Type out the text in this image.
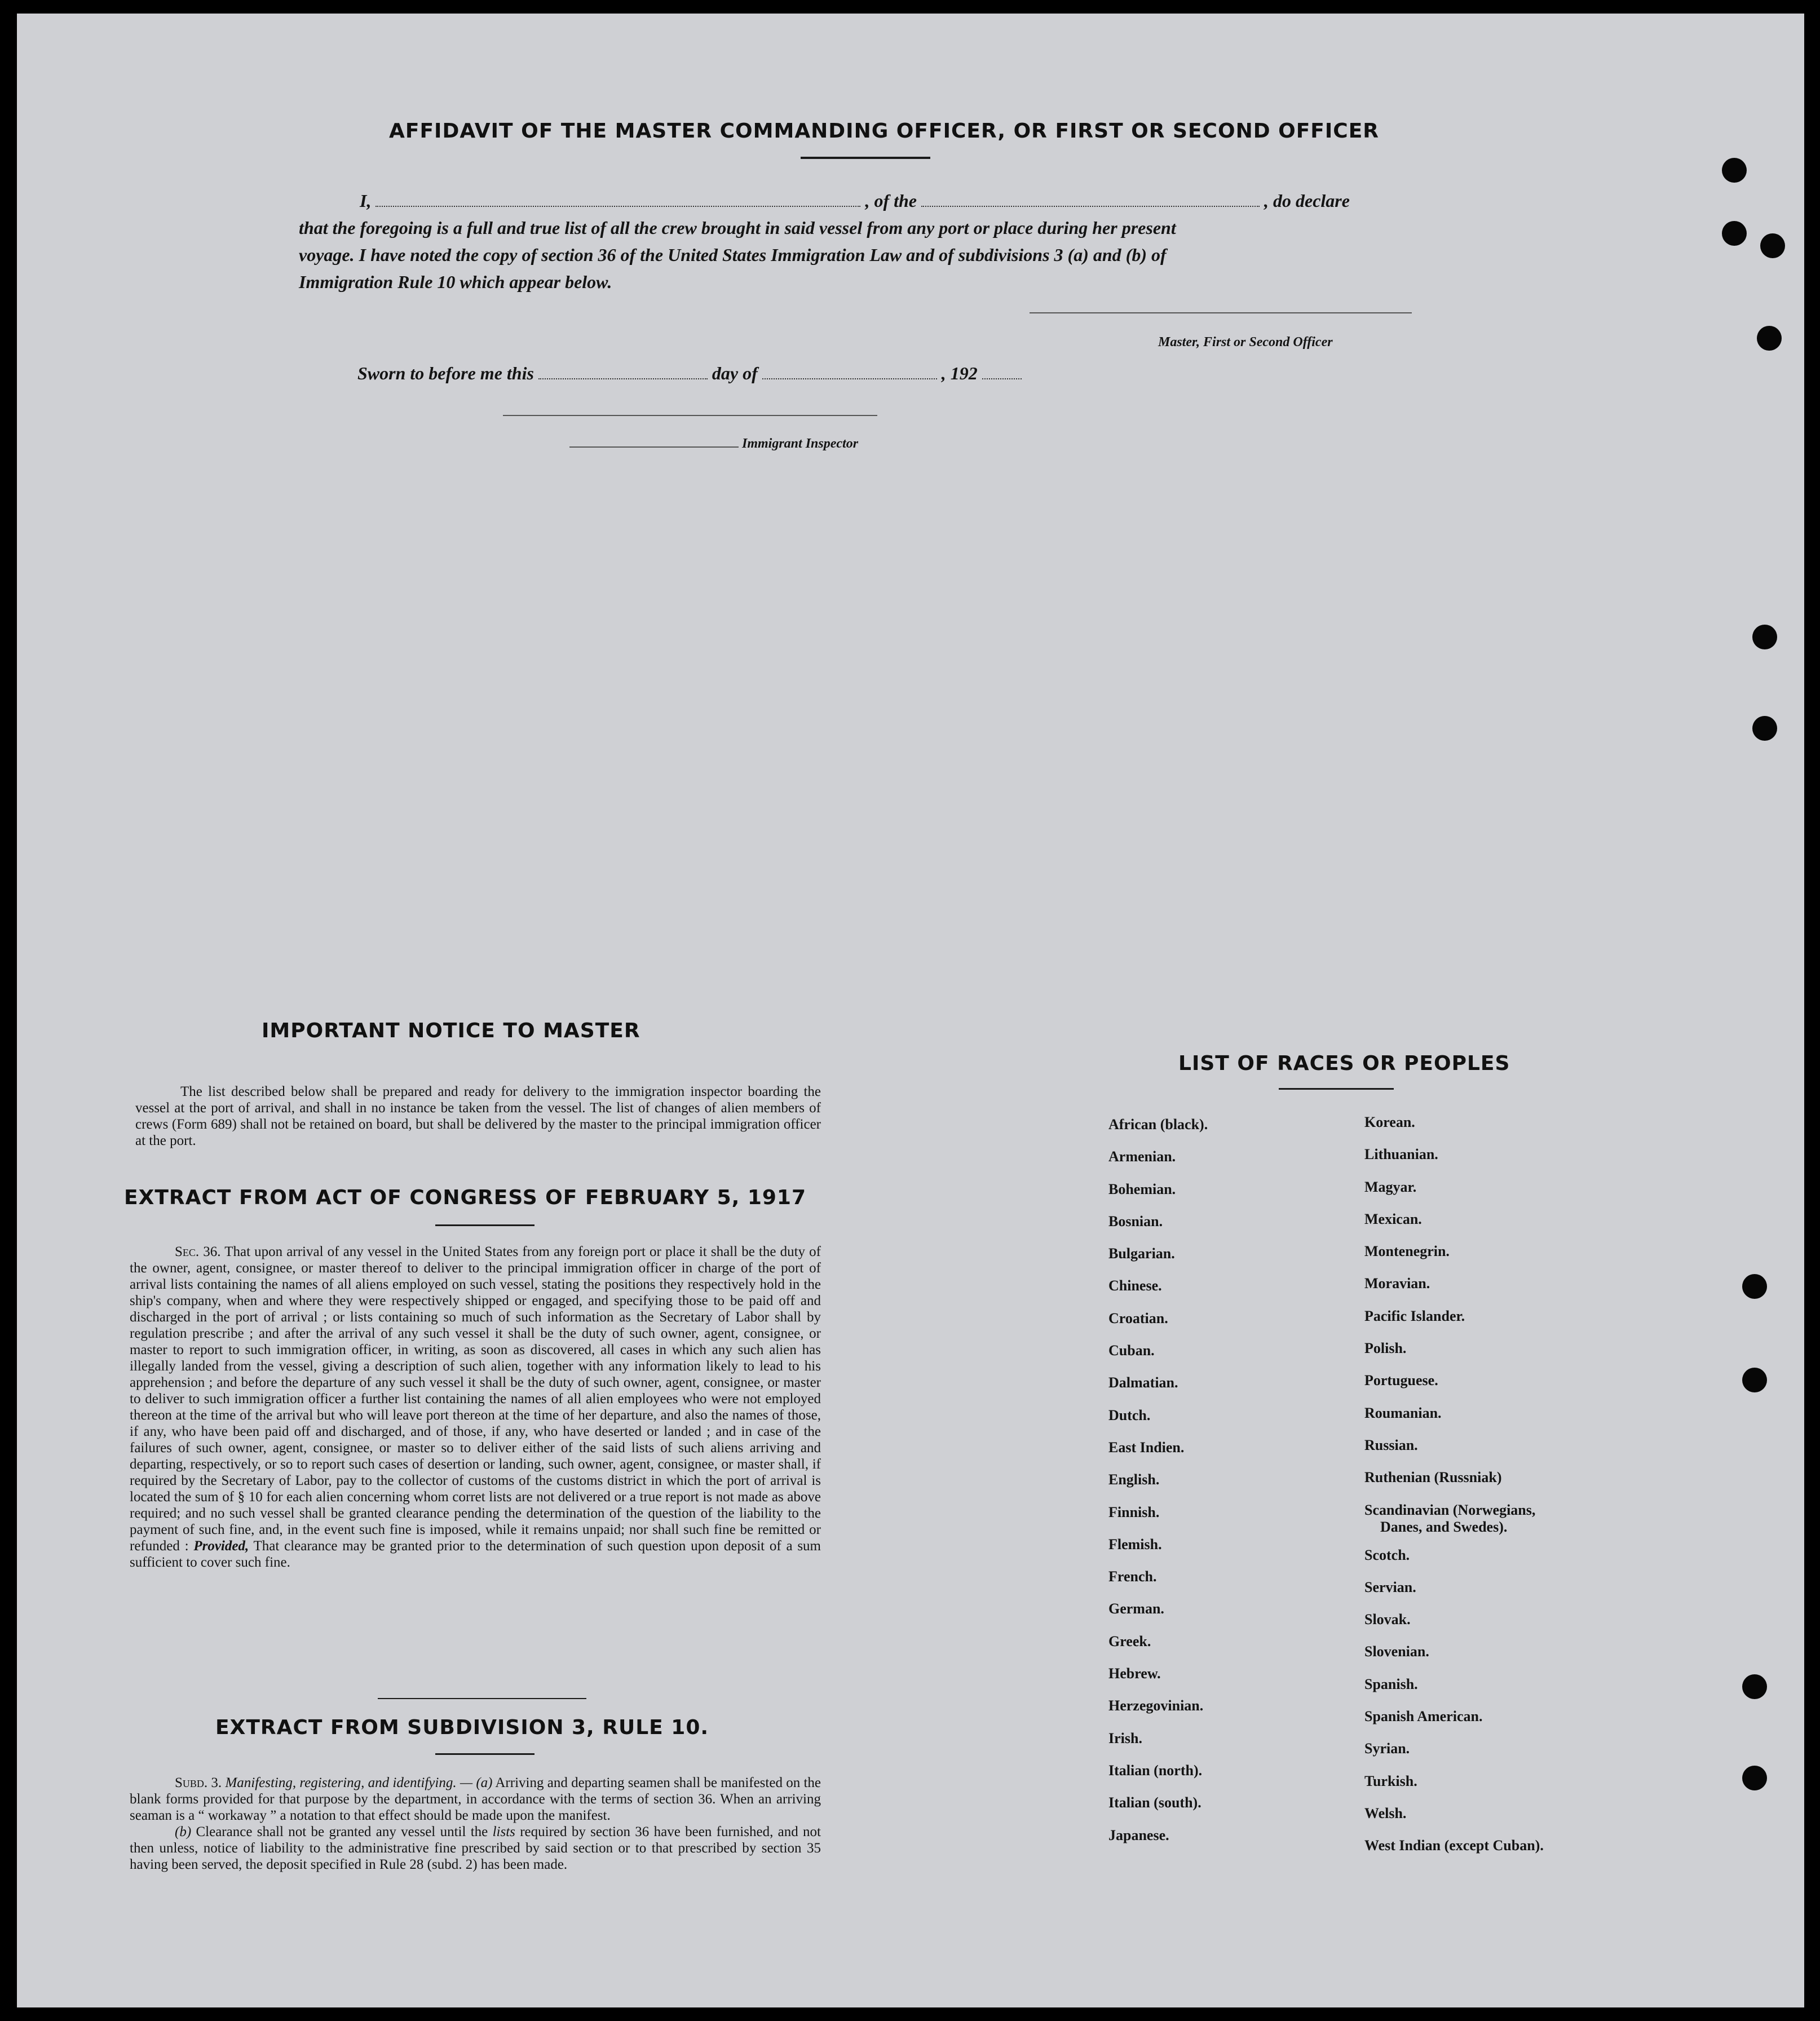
AFFIDAVIT OF THE MASTER COMMANDING OFFICER, OR FIRST OR SECOND OFFICER
I,	, of the	, do declare
that the foregoing is a full and true list of all the crew brought in said vessel from any port or place during her present
voyage. I have noted the copy of section 36 of the United States Immigration Law and of subdivisions 3 (a) and (b) of
Immigration Rule 10 which appear below.
Master, First or Second Officer
Sworn to before me this	day of	, 192
Immigrant Inspector
IMPORTANT NOTICE TO MASTER

The list described below shall be prepared and ready for delivery to the immigration inspector boarding the vessel at the port of arrival, and shall in no instance be taken from the vessel. The list of changes of alien members of crews (Form 689) shall not be retained on board, but shall be delivered by the master to the principal immigration officer at the port.

EXTRACT FROM ACT OF CONGRESS OF FEBRUARY 5, 1917

Sec. 36. That upon arrival of any vessel in the United States from any foreign port or place it shall be the duty of the owner, agent, consignee, or master thereof to deliver to the principal immigration officer in charge of the port of arrival lists containing the names of all aliens employed on such vessel, stating the positions they respectively hold in the ship's company, when and where they were respectively shipped or engaged, and specifying those to be paid off and discharged in the port of arrival ; or lists containing so much of such information as the Secretary of Labor shall by regulation prescribe ; and after the arrival of any such vessel it shall be the duty of such owner, agent, consignee, or master to report to such immigration officer, in writing, as soon as discovered, all cases in which any such alien has illegally landed from the vessel, giving a description of such alien, together with any information likely to lead to his apprehension ; and before the departure of any such vessel it shall be the duty of such owner, agent, consignee, or master to deliver to such immigration officer a further list containing the names of all alien employees who were not employed thereon at the time of the arrival but who will leave port thereon at the time of her departure, and also the names of those, if any, who have been paid off and discharged, and of those, if any, who have deserted or landed ; and in case of the failures of such owner, agent, consignee, or master so to deliver either of the said lists of such aliens arriving and departing, respectively, or so to report such cases of desertion or landing, such owner, agent, consignee, or master shall, if required by the Secretary of Labor, pay to the collector of customs of the customs district in which the port of arrival is located the sum of § 10 for each alien concerning whom corret lists are not delivered or a true report is not made as above required; and no such vessel shall be granted clearance pending the determination of the question of the liability to the payment of such fine, and, in the event such fine is imposed, while it remains unpaid; nor shall such fine be remitted or refunded : Provided, That clearance may be granted prior to the determination of such question upon deposit of a sum sufficient to cover such fine.

EXTRACT FROM SUBDIVISION 3, RULE 10.

Subd. 3. Manifesting, registering, and identifying. — (a) Arriving and departing seamen shall be manifested on the blank forms provided for that purpose by the department, in accordance with the terms of section 36. When an arriving seaman is a “ workaway ” a notation to that effect should be made upon the manifest.

(b) Clearance shall not be granted any vessel until the lists required by section 36 have been furnished, and not then unless, notice of liability to the administrative fine prescribed by said section or to that prescribed by section 35 having been served, the deposit specified in Rule 28 (subd. 2) has been made.

LIST OF RACES OR PEOPLES
African (black).
Armenian.
Bohemian.
Bosnian.
Bulgarian.
Chinese.
Croatian.
Cuban.
Dalmatian.
Dutch.
East Indien.
English.
Finnish.
Flemish.
French.
German.
Greek.
Hebrew.
Herzegovinian.
Irish.
Italian (north).
Italian (south).
Japanese.
Korean.
Lithuanian.
Magyar.
Mexican.
Montenegrin.
Moravian.
Pacific Islander.
Polish.
Portuguese.
Roumanian.
Russian.
Ruthenian (Russniak)
Scandinavian (Norwegians,
Danes, and Swedes).
Scotch.
Servian.
Slovak.
Slovenian.
Spanish.
Spanish American.
Syrian.
Turkish.
Welsh.
West Indian (except Cuban).
